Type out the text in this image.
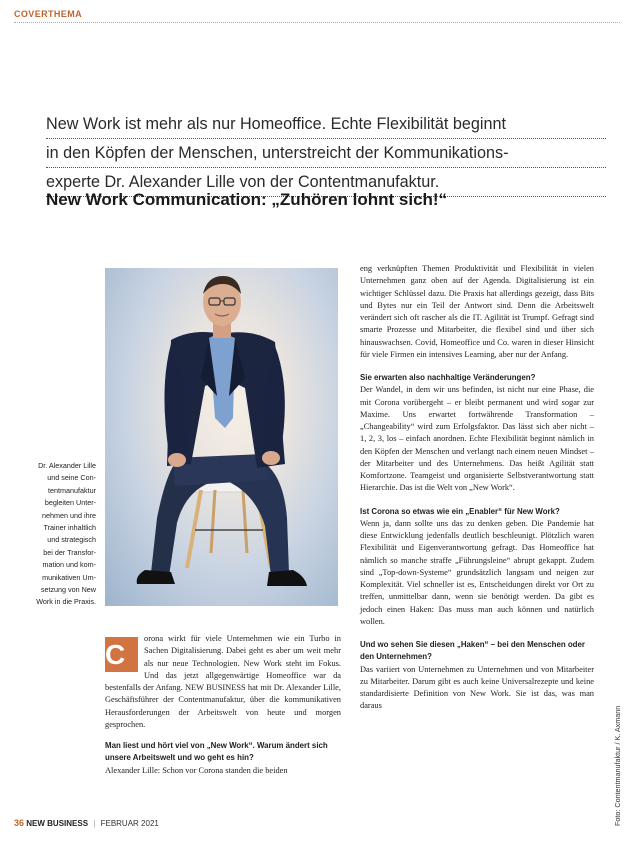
COVERTHEMA
New Work ist mehr als nur Homeoffice. Echte Flexibilität beginnt
in den Köpfen der Menschen, unterstreicht der Kommunikations-
experte Dr. Alexander Lille von der Contentmanufaktur.
New Work Communication: „Zuhören lohnt sich!“
Dr. Alexander Lille
und seine Con-
tentmanufaktur
begleiten Unter-
nehmen und ihre
Trainer inhaltlich
und strategisch
bei der Transfor-
mation und kom-
munikativen Um-
setzung von New
Work in die Praxis.
C
orona wirkt für viele Unternehmen wie ein Turbo in Sachen Digitalisierung. Dabei geht es aber um weit mehr als nur neue Technologien. New Work steht im Fokus. Und das jetzt allgegenwärtige Homeoffice war da bestenfalls der Anfang. NEW BUSINESS hat mit Dr. Alexander Lille, Geschäftsführer der Contentmanufaktur, über die kommunikativen Herausforderungen der Arbeitswelt von heute und morgen gesprochen.
Man liest und hört viel von „New Work“. Warum ändert sich unsere Arbeitswelt und wo geht es hin?
Alexander Lille: Schon vor Corona standen die beiden
eng verknüpften Themen Produktivität und Flexibilität in vielen Unternehmen ganz oben auf der Agenda. Digitalisierung ist ein wichtiger Schlüssel dazu. Die Praxis hat allerdings gezeigt, dass Bits und Bytes nur ein Teil der Antwort sind. Denn die Arbeitswelt verändert sich oft rascher als die IT. Agilität ist Trumpf. Gefragt sind smarte Prozesse und Mitarbeiter, die flexibel sind und über sich hinauswachsen. Covid, Homeoffice und Co. waren in dieser Hinsicht für viele Firmen ein intensives Learning, aber nur der Anfang.
Sie erwarten also nachhaltige Veränderungen?
Der Wandel, in dem wir uns befinden, ist nicht nur eine Phase, die mit Corona vorübergeht – er bleibt permanent und wird sogar zur Maxime. Uns erwartet fortwährende Transformation – „Changeability“ wird zum Erfolgsfaktor. Das lässt sich aber nicht – 1, 2, 3, los – einfach anordnen. Echte Flexibilität beginnt nämlich in den Köpfen der Menschen und verlangt nach einem neuen Mindset – der Mitarbeiter und des Unternehmens. Das heißt Agilität statt Komfortzone. Teamgeist und organisierte Selbstverantwortung statt Hierarchie. Das ist die Welt von „New Work“.
Ist Corona so etwas wie ein „Enabler“ für New Work?
Wenn ja, dann sollte uns das zu denken geben. Die Pandemie hat diese Entwicklung jedenfalls deutlich beschleunigt. Plötzlich waren Flexibilität und Eigenverantwortung gefragt. Das Homeoffice hat nämlich so manche straffe „Führungsleine“ abrupt gekappt. Zudem sind „Top-down-Systeme“ grundsätzlich langsam und neigen zur Komplexität. Viel schneller ist es, Entscheidungen direkt vor Ort zu treffen, unmittelbar dann, wenn sie benötigt werden. Da gibt es jedoch einen Haken: Das muss man auch können und natürlich wollen.
Und wo sehen Sie diesen „Haken“ – bei den Menschen oder den Unternehmen?
Das variiert von Unternehmen zu Unternehmen und von Mitarbeiter zu Mitarbeiter. Darum gibt es auch keine Universalrezepte und keine standardisierte Definition von New Work. Sie ist das, was man daraus	Foto: Contentmanufaktur / K. Axmann
36 NEW BUSINESS | FEBRUAR 2021
